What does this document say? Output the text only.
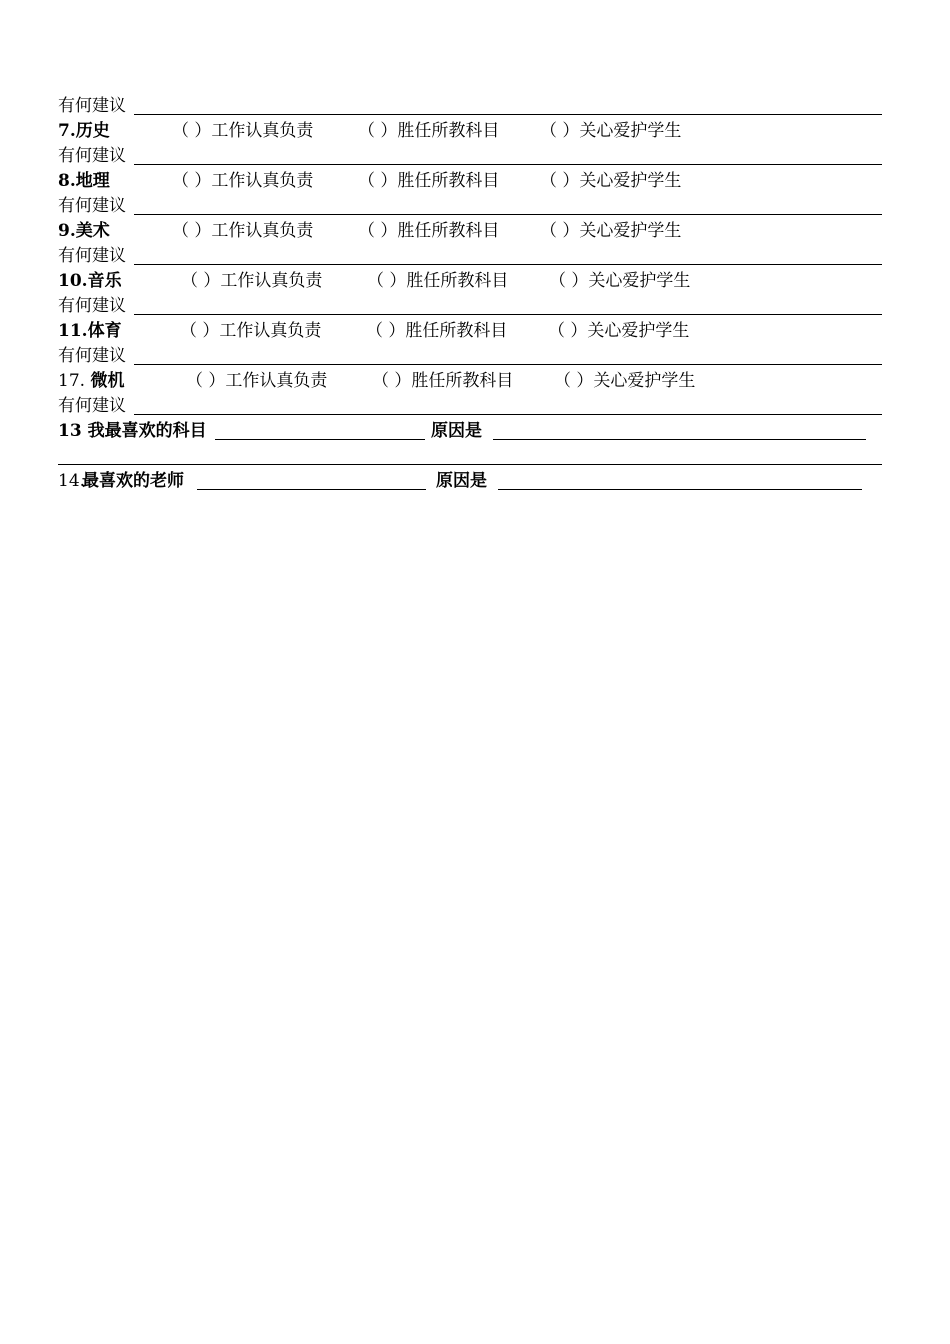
有何建议
7.历史	（ ）工作认真负责	（ ）胜任所教科目 （ ）关心爱护学生
有何建议
8.地理	（ ）工作认真负责	（ ）胜任所教科目 （ ）关心爱护学生
有何建议
9.美术	（ ）工作认真负责	（ ）胜任所教科目 （ ）关心爱护学生
有何建议
10.音乐	（ ）工作认真负责	（ ）胜任所教科目 （ ）关心爱护学生
有何建议
11.体育	（ ）工作认真负责	（ ）胜任所教科目 （ ）关心爱护学生
有何建议
17. 微机	（ ）工作认真负责	（ ）胜任所教科目 （ ）关心爱护学生
有何建议
13 我最喜欢的科目	原因是
14.
最喜欢的老师	原因是
